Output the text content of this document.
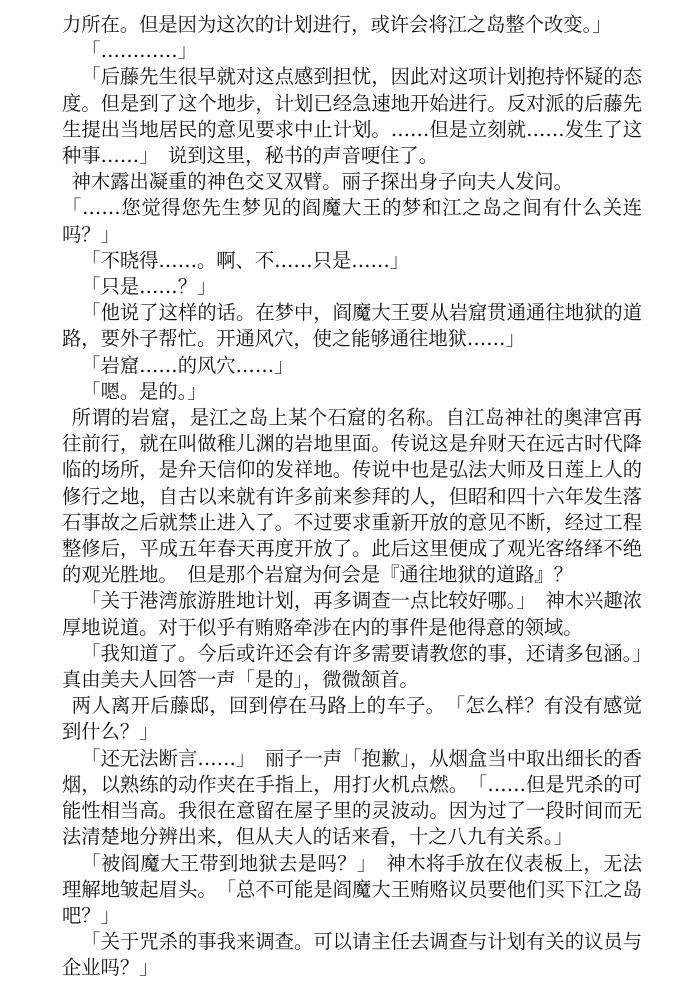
力所在。但是因为这次的计划进行，或许会将江之岛整个改变。」

「…………」

「后藤先生很早就对这点感到担忧，因此对这项计划抱持怀疑的态度。但是到了这个地步，计划已经急速地开始进行。反对派的后藤先生提出当地居民的意见要求中止计划。……但是立刻就……发生了这种事……」　说到这里，秘书的声音哽住了。

神木露出凝重的神色交叉双臂。丽子探出身子向夫人发问。

「……您觉得您先生梦见的阎魔大王的梦和江之岛之间有什么关连吗？」

「不晓得……。啊、不……只是……」

「只是……？」

「他说了这样的话。在梦中，阎魔大王要从岩窟贯通通往地狱的道路，要外子帮忙。开通风穴，使之能够通往地狱……」

「岩窟……的风穴……」

「嗯。是的。」

所谓的岩窟，是江之岛上某个石窟的名称。自江岛神社的奥津宫再往前行，就在叫做稚儿渊的岩地里面。传说这是弁财天在远古时代降临的场所，是弁天信仰的发祥地。传说中也是弘法大师及日莲上人的修行之地，自古以来就有许多前来参拜的人，但昭和四十六年发生落石事故之后就禁止进入了。不过要求重新开放的意见不断，经过工程整修后，平成五年春天再度开放了。此后这里便成了观光客络绎不绝的观光胜地。　但是那个岩窟为何会是『通往地狱的道路』？

「关于港湾旅游胜地计划，再多调查一点比较好哪。」　神木兴趣浓厚地说道。对于似乎有贿赂牵涉在内的事件是他得意的领域。

「我知道了。今后或许还会有许多需要请教您的事，还请多包涵。」　真由美夫人回答一声「是的」，微微颔首。

两人离开后藤邸，回到停在马路上的车子。　「怎么样？有没有感觉到什么？」

「还无法断言……」　丽子一声「抱歉」，从烟盒当中取出细长的香烟，以熟练的动作夹在手指上，用打火机点燃。　「……但是咒杀的可能性相当高。我很在意留在屋子里的灵波动。因为过了一段时间而无法清楚地分辨出来，但从夫人的话来看，十之八九有关系。」

「被阎魔大王带到地狱去是吗？」　神木将手放在仪表板上，无法理解地皱起眉头。　「总不可能是阎魔大王贿赂议员要他们买下江之岛吧？」

「关于咒杀的事我来调查。可以请主任去调查与计划有关的议员与企业吗？」
